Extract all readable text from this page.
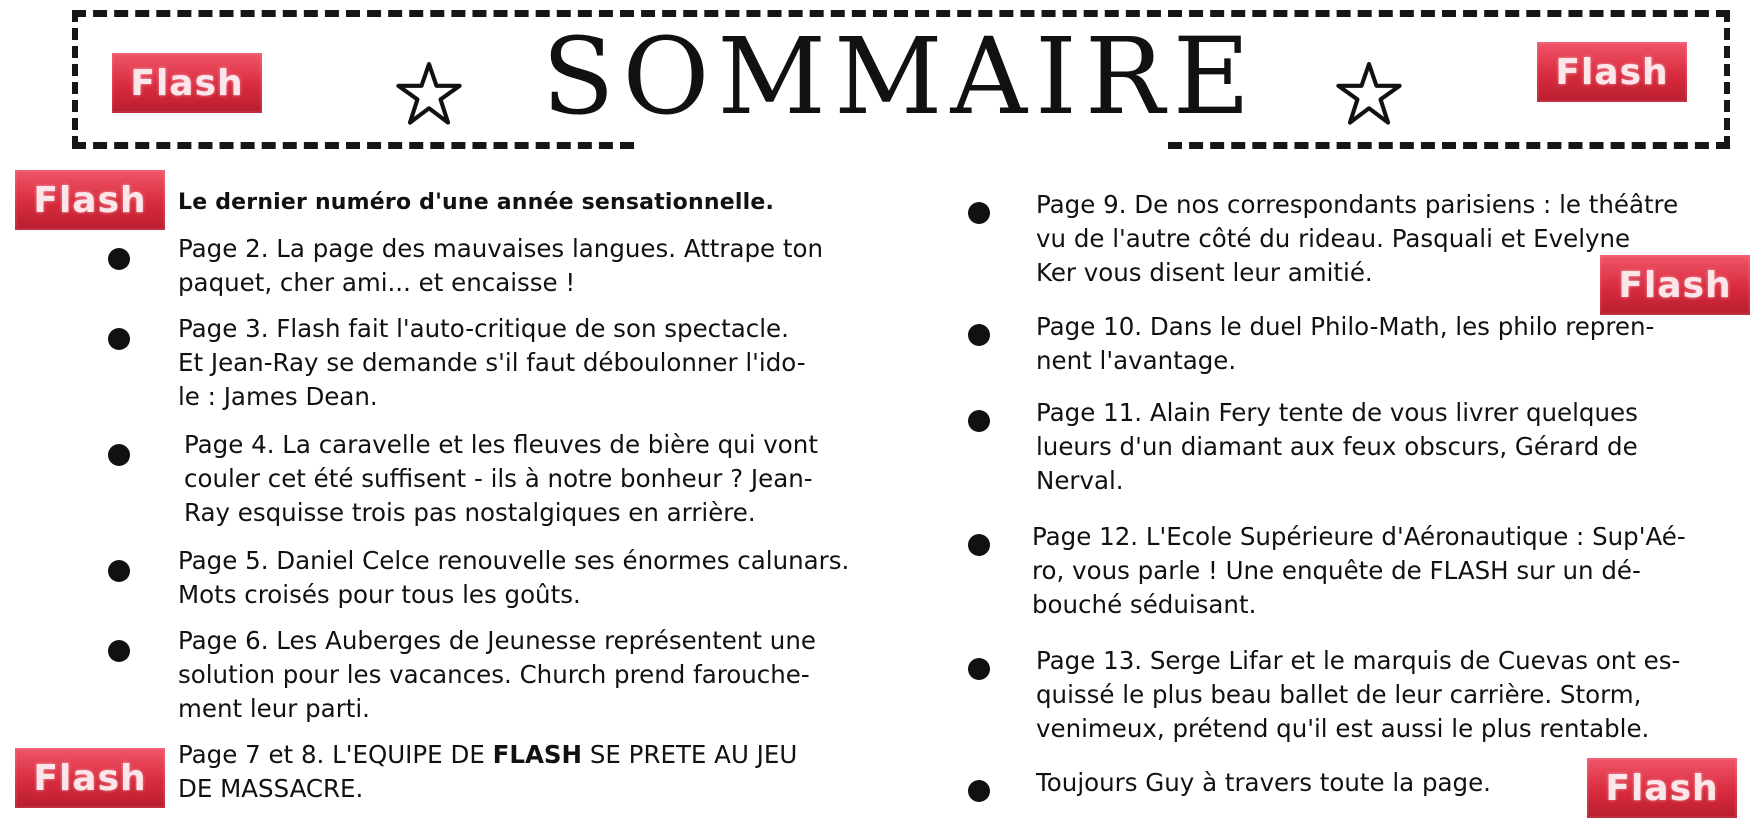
SOMMAIRE
Flash	Flash
Flash
Flash
Flash	Flash
Le dernier numéro d'une année sensationnelle.
Page 2. La page des mauvaises langues. Attrape ton
paquet, cher ami... et encaisse !
Page 3. Flash fait l'auto-critique de son spectacle.
Et Jean-Ray se demande s'il faut déboulonner l'ido-
le : James Dean.
Page 4. La caravelle et les fleuves de bière qui vont
couler cet été suffisent - ils à notre bonheur ? Jean-
Ray esquisse trois pas nostalgiques en arrière.
Page 5. Daniel Celce renouvelle ses énormes calunars.
Mots croisés pour tous les goûts.
Page 6. Les Auberges de Jeunesse représentent une
solution pour les vacances. Church prend farouche-
ment leur parti.
Page 7 et 8. L'EQUIPE DE FLASH SE PRETE AU JEU
DE MASSACRE.
Page 9. De nos correspondants parisiens : le théâtre
vu de l'autre côté du rideau. Pasquali et Evelyne
Ker vous disent leur amitié.
Page 10. Dans le duel Philo-Math, les philo repren-
nent l'avantage.
Page 11. Alain Fery tente de vous livrer quelques
lueurs d'un diamant aux feux obscurs, Gérard de
Nerval.
Page 12. L'Ecole Supérieure d'Aéronautique : Sup'Aé-
ro, vous parle ! Une enquête de FLASH sur un dé-
bouché séduisant.
Page 13. Serge Lifar et le marquis de Cuevas ont es-
quissé le plus beau ballet de leur carrière. Storm,
venimeux, prétend qu'il est aussi le plus rentable.
Toujours Guy à travers toute la page.
